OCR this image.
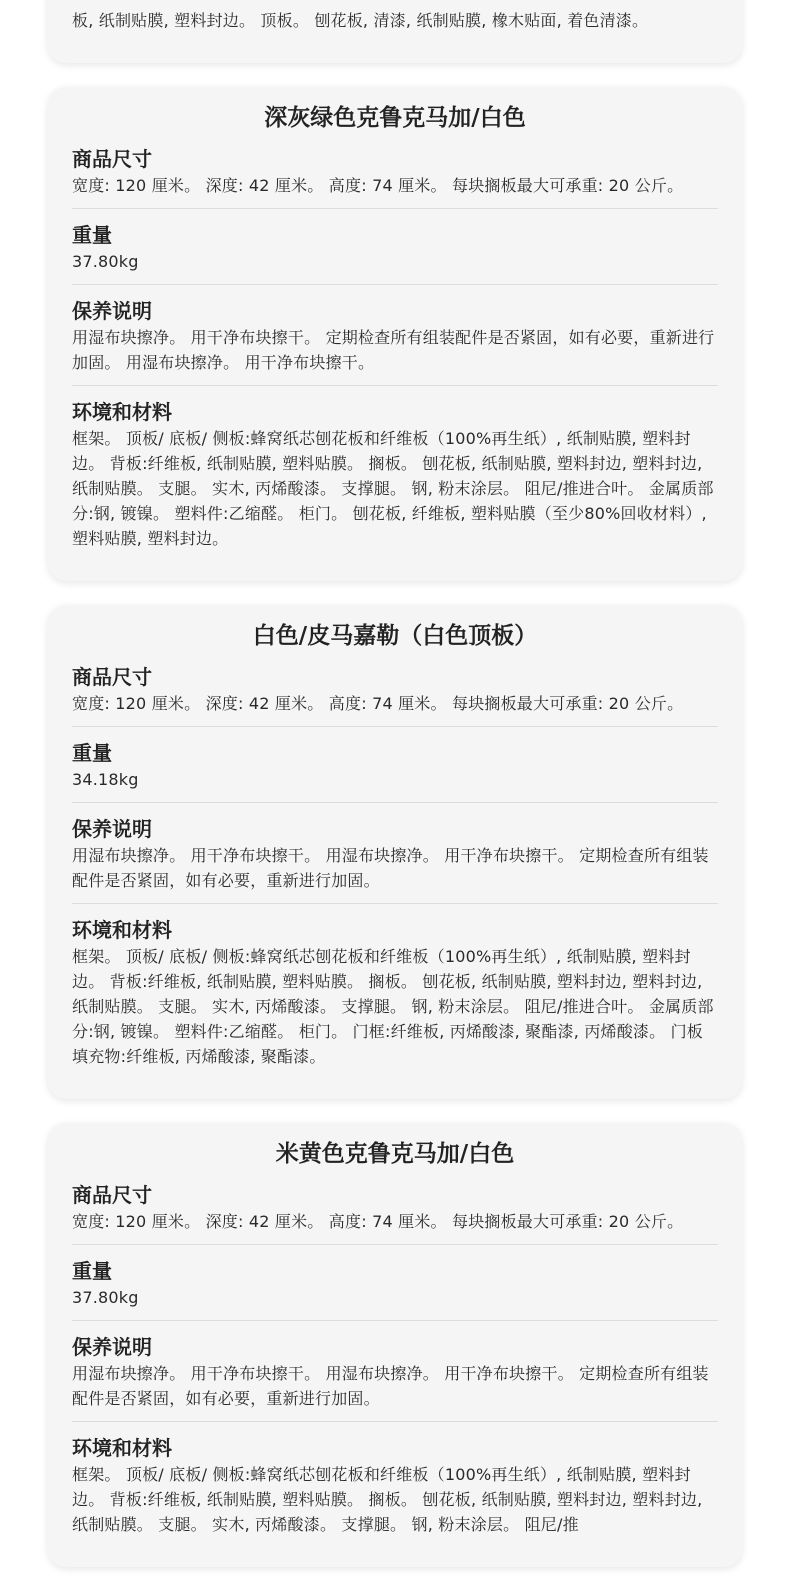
板, 纸制贴膜, 塑料封边。 顶板。 刨花板, 清漆, 纸制贴膜, 橡木贴面, 着色清漆。
深灰绿色克鲁克马加/白色
商品尺寸
宽度: 120 厘米。 深度: 42 厘米。 高度: 74 厘米。 每块搁板最大可承重: 20 公斤。
重量
37.80kg
保养说明
用湿布块擦净。 用干净布块擦干。 定期检查所有组装配件是否紧固，如有必要，重新进行加固。 用湿布块擦净。 用干净布块擦干。
环境和材料
框架。 顶板/ 底板/ 侧板:蜂窝纸芯刨花板和纤维板（100%再生纸）, 纸制贴膜, 塑料封边。 背板:纤维板, 纸制贴膜, 塑料贴膜。 搁板。 刨花板, 纸制贴膜, 塑料封边, 塑料封边, 纸制贴膜。 支腿。 实木, 丙烯酸漆。 支撑腿。 钢, 粉末涂层。 阻尼/推进合叶。 金属质部分:钢, 镀镍。 塑料件:乙缩醛。 柜门。 刨花板, 纤维板, 塑料贴膜（至少80%回收材料）, 塑料贴膜, 塑料封边。
白色/皮马嘉勒（白色顶板）
商品尺寸
宽度: 120 厘米。 深度: 42 厘米。 高度: 74 厘米。 每块搁板最大可承重: 20 公斤。
重量
34.18kg
保养说明
用湿布块擦净。 用干净布块擦干。 用湿布块擦净。 用干净布块擦干。 定期检查所有组装配件是否紧固，如有必要，重新进行加固。
环境和材料
框架。 顶板/ 底板/ 侧板:蜂窝纸芯刨花板和纤维板（100%再生纸）, 纸制贴膜, 塑料封边。 背板:纤维板, 纸制贴膜, 塑料贴膜。 搁板。 刨花板, 纸制贴膜, 塑料封边, 塑料封边, 纸制贴膜。 支腿。 实木, 丙烯酸漆。 支撑腿。 钢, 粉末涂层。 阻尼/推进合叶。 金属质部分:钢, 镀镍。 塑料件:乙缩醛。 柜门。 门框:纤维板, 丙烯酸漆, 聚酯漆, 丙烯酸漆。 门板填充物:纤维板, 丙烯酸漆, 聚酯漆。
米黄色克鲁克马加/白色
商品尺寸
宽度: 120 厘米。 深度: 42 厘米。 高度: 74 厘米。 每块搁板最大可承重: 20 公斤。
重量
37.80kg
保养说明
用湿布块擦净。 用干净布块擦干。 用湿布块擦净。 用干净布块擦干。 定期检查所有组装配件是否紧固，如有必要，重新进行加固。
环境和材料
框架。 顶板/ 底板/ 侧板:蜂窝纸芯刨花板和纤维板（100%再生纸）, 纸制贴膜, 塑料封边。 背板:纤维板, 纸制贴膜, 塑料贴膜。 搁板。 刨花板, 纸制贴膜, 塑料封边, 塑料封边, 纸制贴膜。 支腿。 实木, 丙烯酸漆。 支撑腿。 钢, 粉末涂层。 阻尼/推
